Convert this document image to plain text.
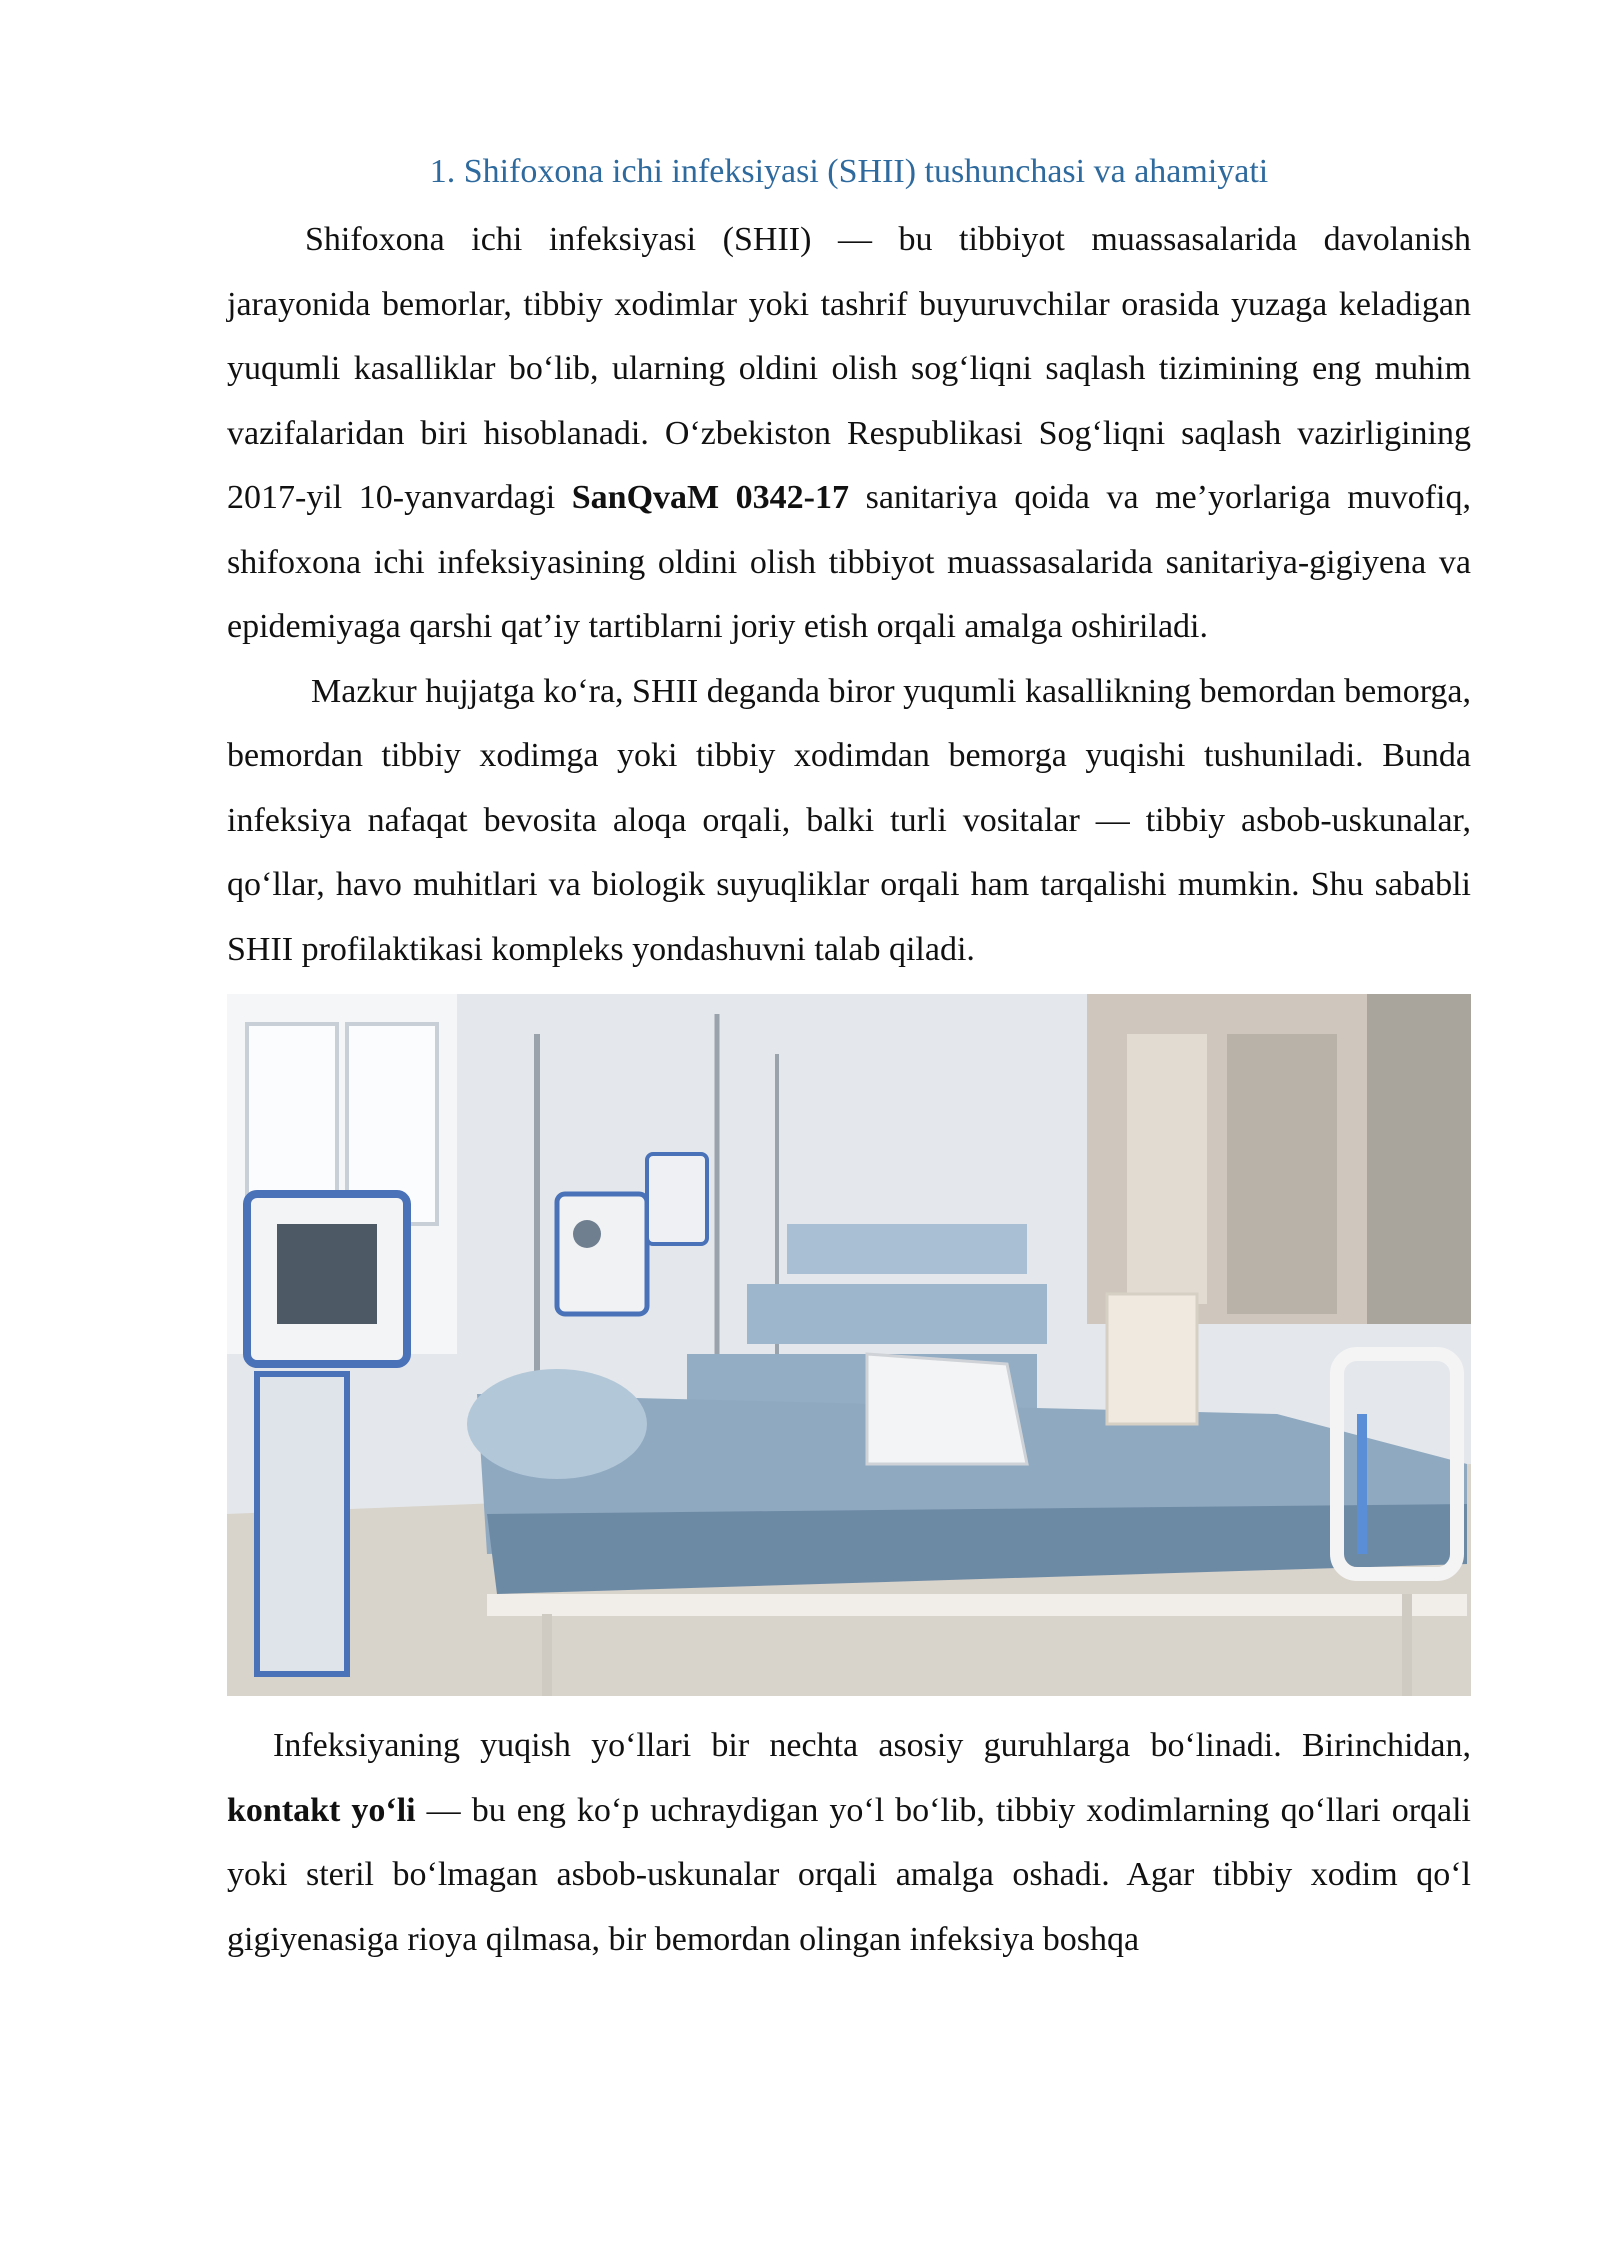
1. Shifoxona ichi infeksiyasi (SHII) tushunchasi va ahamiyati

Shifoxona ichi infeksiyasi (SHII) — bu tibbiyot muassasalarida davolanish jarayonida bemorlar, tibbiy xodimlar yoki tashrif buyuruvchilar orasida yuzaga keladigan yuqumli kasalliklar bo‘lib, ularning oldini olish sog‘liqni saqlash tizimining eng muhim vazifalaridan biri hisoblanadi. O‘zbekiston Respublikasi Sog‘liqni saqlash vazirligining 2017-yil 10-yanvardagi SanQvaM 0342-17 sanitariya qoida va me’yorlariga muvofiq, shifoxona ichi infeksiyasining oldini olish tibbiyot muassasalarida sanitariya-gigiyena va epidemiyaga qarshi qat’iy tartiblarni joriy etish orqali amalga oshiriladi.

Mazkur hujjatga ko‘ra, SHII deganda biror yuqumli kasallikning bemordan bemorga, bemordan tibbiy xodimga yoki tibbiy xodimdan bemorga yuqishi tushuniladi. Bunda infeksiya nafaqat bevosita aloqa orqali, balki turli vositalar — tibbiy asbob-uskunalar, qo‘llar, havo muhitlari va biologik suyuqliklar orqali ham tarqalishi mumkin. Shu sababli SHII profilaktikasi kompleks yondashuvni talab qiladi.

Infeksiyaning yuqish yo‘llari bir nechta asosiy guruhlarga bo‘linadi. Birinchidan, kontakt yo‘li — bu eng ko‘p uchraydigan yo‘l bo‘lib, tibbiy xodimlarning qo‘llari orqali yoki steril bo‘lmagan asbob-uskunalar orqali amalga oshadi. Agar tibbiy xodim qo‘l gigiyenasiga rioya qilmasa, bir bemordan olingan infeksiya boshqa
